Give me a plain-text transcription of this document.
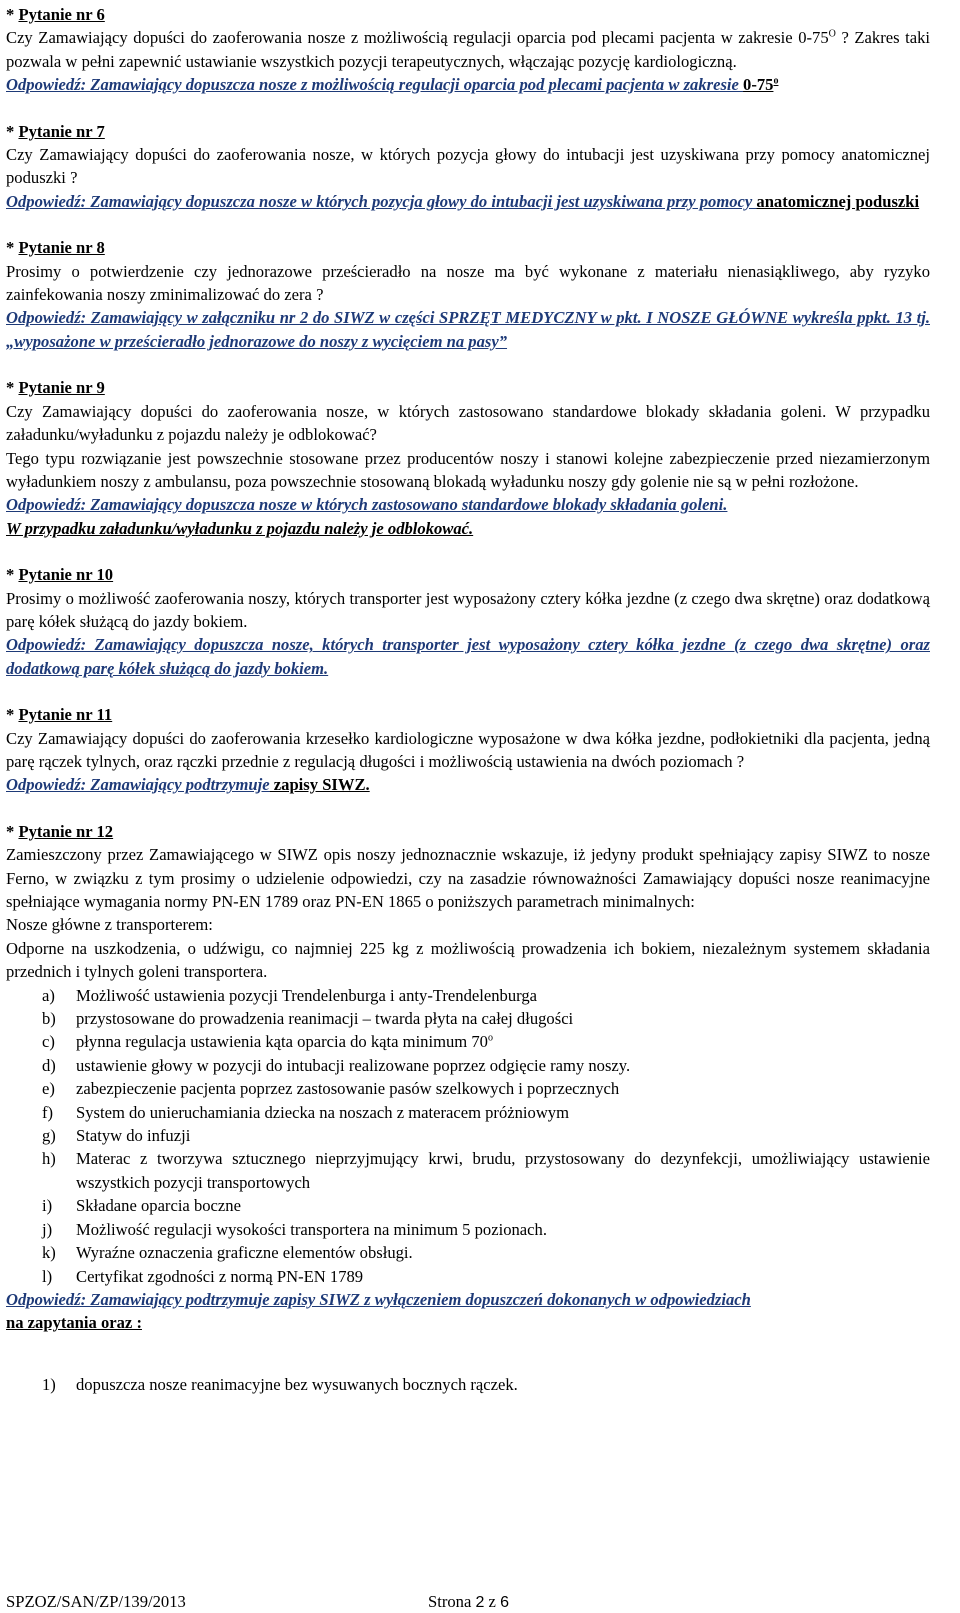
* Pytanie nr 6

Czy Zamawiający dopuści do zaoferowania nosze z możliwością regulacji oparcia pod plecami pacjenta w zakresie $0-75^O$ ? Zakres taki pozwala w pełni zapewnić ustawianie wszystkich pozycji terapeutycznych, włączając pozycję kardiologiczną.

Odpowiedź: Zamawiający dopuszcza nosze z możliwością regulacji oparcia pod plecami pacjenta w zakresie 0-75$^o$

* Pytanie nr 7

Czy Zamawiający dopuści do zaoferowania nosze, w których pozycja głowy do intubacji jest uzyskiwana przy pomocy anatomicznej poduszki ?

Odpowiedź: Zamawiający dopuszcza nosze w których pozycja głowy do intubacji jest uzyskiwana przy pomocy anatomicznej poduszki

* Pytanie nr 8

Prosimy o potwierdzenie czy jednorazowe prześcieradło na nosze ma być wykonane z materiału nienasiąkliwego, aby ryzyko zainfekowania noszy zminimalizować do zera ?

Odpowiedź: Zamawiający w załączniku nr 2 do SIWZ w części SPRZĘT MEDYCZNY w pkt. I NOSZE GŁÓWNE wykreśla ppkt. 13 tj. „wyposażone w prześcieradło jednorazowe do noszy z wycięciem na pasy”

* Pytanie nr 9

Czy Zamawiający dopuści do zaoferowania nosze, w których zastosowano standardowe blokady składania goleni. W przypadku załadunku/wyładunku z pojazdu należy je odblokować?

Tego typu rozwiązanie jest powszechnie stosowane przez producentów noszy i stanowi kolejne zabezpieczenie przed niezamierzonym wyładunkiem noszy z ambulansu, poza powszechnie stosowaną blokadą wyładunku noszy gdy golenie nie są w pełni rozłożone.

Odpowiedź: Zamawiający dopuszcza nosze w których zastosowano standardowe blokady składania goleni.

W przypadku załadunku/wyładunku z pojazdu należy je odblokować.

* Pytanie nr 10

Prosimy o możliwość zaoferowania noszy, których transporter jest wyposażony cztery kółka jezdne (z czego dwa skrętne) oraz dodatkową parę kółek służącą do jazdy bokiem.

Odpowiedź: Zamawiający dopuszcza nosze, których transporter jest wyposażony cztery kółka jezdne (z czego dwa skrętne) oraz dodatkową parę kółek służącą do jazdy bokiem.

* Pytanie nr 11

Czy Zamawiający dopuści do zaoferowania krzesełko kardiologiczne wyposażone w dwa kółka jezdne, podłokietniki dla pacjenta, jedną parę rączek tylnych, oraz rączki przednie z regulacją długości i możliwością ustawienia na dwóch poziomach ?

Odpowiedź: Zamawiający podtrzymuje zapisy SIWZ.

* Pytanie nr 12

Zamieszczony przez Zamawiającego w SIWZ opis noszy jednoznacznie wskazuje, iż jedyny produkt spełniający zapisy SIWZ to nosze Ferno, w związku z tym prosimy o udzielenie odpowiedzi, czy na zasadzie równoważności Zamawiający dopuści nosze reanimacyjne spełniające wymagania normy PN-EN 1789 oraz PN-EN 1865 o poniższych parametrach minimalnych:

Nosze główne z transporterem:

Odporne na uszkodzenia, o udźwigu, co najmniej 225 kg z możliwością prowadzenia ich bokiem, niezależnym systemem składania przednich i tylnych goleni transportera.

a) Możliwość ustawienia pozycji Trendelenburga i anty-Trendelenburga
b) przystosowane do prowadzenia reanimacji – twarda płyta na całej długości
c) płynna regulacja ustawienia kąta oparcia do kąta minimum 70$^o$
d) ustawienie głowy w pozycji do intubacji realizowane poprzez odgięcie ramy noszy.
e) zabezpieczenie pacjenta poprzez zastosowanie pasów szelkowych i poprzecznych
f) System do unieruchamiania dziecka na noszach z materacem próżniowym
g) Statyw do infuzji
h) Materac z tworzywa sztucznego nieprzyjmujący krwi, brudu, przystosowany do dezynfekcji, umożliwiający ustawienie wszystkich pozycji transportowych
i) Składane oparcia bocznе
j) Możliwość regulacji wysokości transportera na minimum 5 pozionach.
k) Wyraźne oznaczenia graficzne elementów obsługi.
l) Certyfikat zgodności z normą PN-EN 1789

Odpowiedź: Zamawiający podtrzymuje zapisy SIWZ z wyłączeniem dopuszczeń dokonanych w odpowiedziach

na zapytania oraz :

1) dopuszcza nosze reanimacyjne bez wysuwanych bocznych rączek.
SPZOZ/SAN/ZP/139/2013	Strona 2 z 6
